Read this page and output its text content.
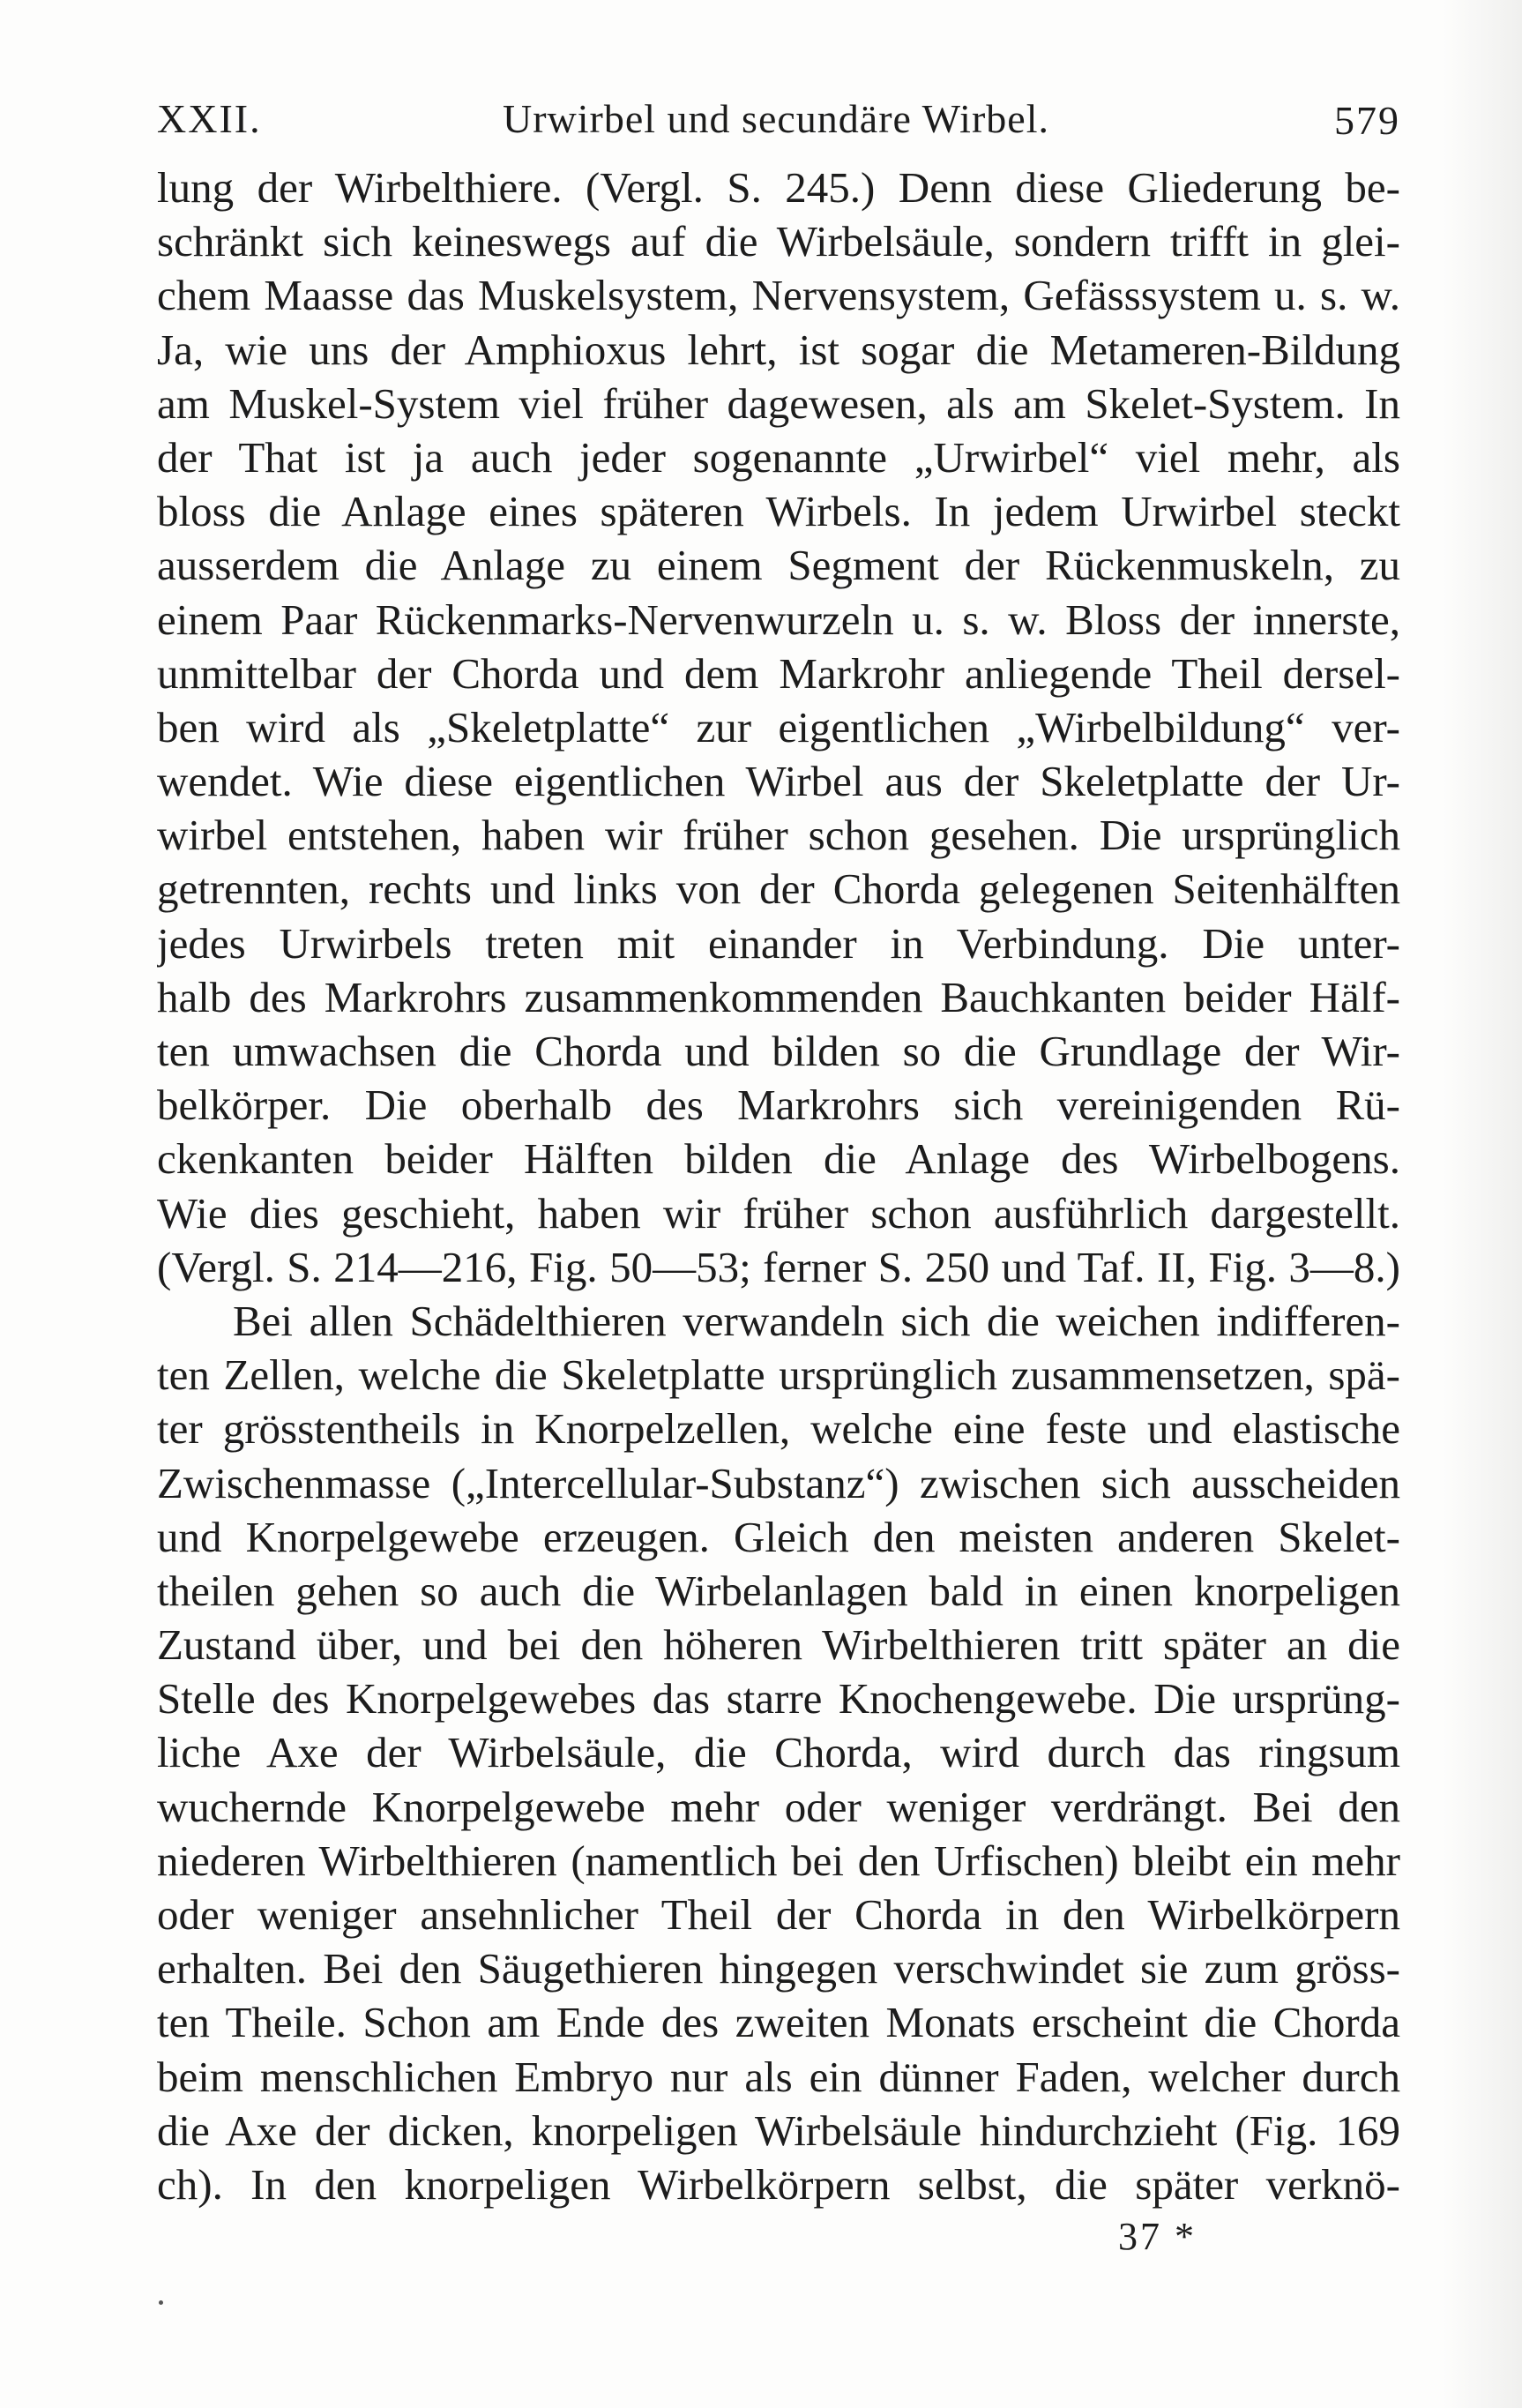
XXII.	Urwirbel und secundäre Wirbel.	579
lung der Wirbelthiere. (Vergl. S. 245.) Denn diese Gliederung be-
schränkt sich keineswegs auf die Wirbelsäule, sondern trifft in glei-
chem Maasse das Muskelsystem, Nervensystem, Gefässsystem u. s. w.
Ja, wie uns der Amphioxus lehrt, ist sogar die Metameren-Bildung
am Muskel-System viel früher dagewesen, als am Skelet-System. In
der That ist ja auch jeder sogenannte „Urwirbel“ viel mehr, als
bloss die Anlage eines späteren Wirbels. In jedem Urwirbel steckt
ausserdem die Anlage zu einem Segment der Rückenmuskeln, zu
einem Paar Rückenmarks-Nervenwurzeln u. s. w. Bloss der innerste,
unmittelbar der Chorda und dem Markrohr anliegende Theil dersel-
ben wird als „Skeletplatte“ zur eigentlichen „Wirbelbildung“ ver-
wendet. Wie diese eigentlichen Wirbel aus der Skeletplatte der Ur-
wirbel entstehen, haben wir früher schon gesehen. Die ursprünglich
getrennten, rechts und links von der Chorda gelegenen Seitenhälften
jedes Urwirbels treten mit einander in Verbindung. Die unter-
halb des Markrohrs zusammenkommenden Bauchkanten beider Hälf-
ten umwachsen die Chorda und bilden so die Grundlage der Wir-
belkörper. Die oberhalb des Markrohrs sich vereinigenden Rü-
ckenkanten beider Hälften bilden die Anlage des Wirbelbogens.
Wie dies geschieht, haben wir früher schon ausführlich dargestellt.
(Vergl. S. 214—216, Fig. 50—53; ferner S. 250 und Taf. II, Fig. 3—8.)
Bei allen Schädelthieren verwandeln sich die weichen indifferen-
ten Zellen, welche die Skeletplatte ursprünglich zusammensetzen, spä-
ter grösstentheils in Knorpelzellen, welche eine feste und elastische
Zwischenmasse („Intercellular-Substanz“) zwischen sich ausscheiden
und Knorpelgewebe erzeugen. Gleich den meisten anderen Skelet-
theilen gehen so auch die Wirbelanlagen bald in einen knorpeligen
Zustand über, und bei den höheren Wirbelthieren tritt später an die
Stelle des Knorpelgewebes das starre Knochengewebe. Die ursprüng-
liche Axe der Wirbelsäule, die Chorda, wird durch das ringsum
wuchernde Knorpelgewebe mehr oder weniger verdrängt. Bei den
niederen Wirbelthieren (namentlich bei den Urfischen) bleibt ein mehr
oder weniger ansehnlicher Theil der Chorda in den Wirbelkörpern
erhalten. Bei den Säugethieren hingegen verschwindet sie zum gröss-
ten Theile. Schon am Ende des zweiten Monats erscheint die Chorda
beim menschlichen Embryo nur als ein dünner Faden, welcher durch
die Axe der dicken, knorpeligen Wirbelsäule hindurchzieht (Fig. 169
ch). In den knorpeligen Wirbelkörpern selbst, die später verknö-
37 *
